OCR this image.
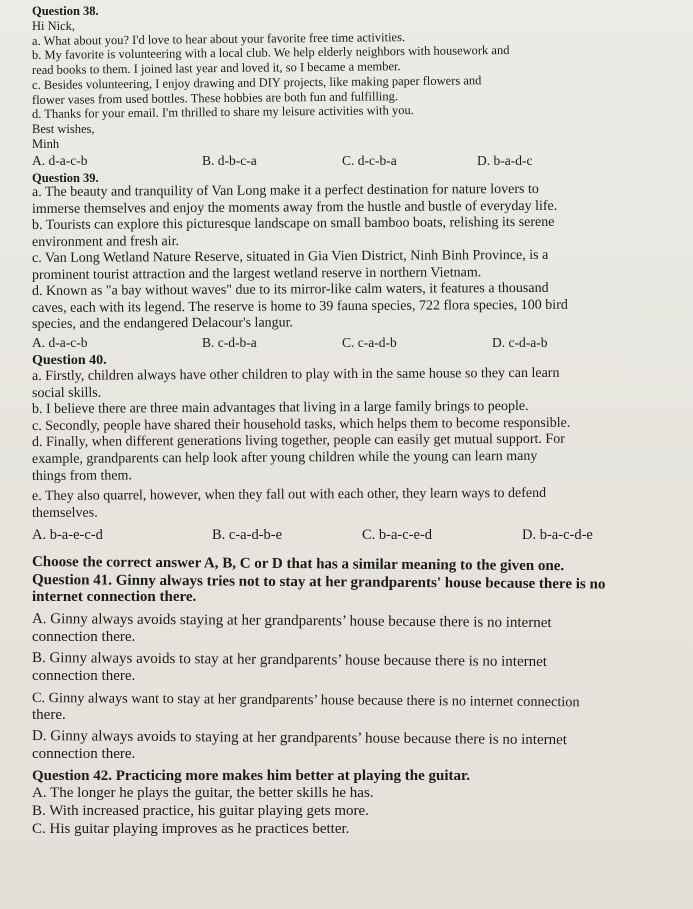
Question 38.

Hi Nick,

a. What about you? I'd love to hear about your favorite free time activities.

b. My favorite is volunteering with a local club. We help elderly neighbors with housework and

read books to them. I joined last year and loved it, so I became a member.

c. Besides volunteering, I enjoy drawing and DIY projects, like making paper flowers and

flower vases from used bottles. These hobbies are both fun and fulfilling.

d. Thanks for your email. I'm thrilled to share my leisure activities with you.

Best wishes,

Minh

A. d-a-c-b	B. d-b-c-a	C. d-c-b-a	D. b-a-d-c

Question 39.

a. The beauty and tranquility of Van Long make it a perfect destination for nature lovers to

immerse themselves and enjoy the moments away from the hustle and bustle of everyday life.

b. Tourists can explore this picturesque landscape on small bamboo boats, relishing its serene

environment and fresh air.

c. Van Long Wetland Nature Reserve, situated in Gia Vien District, Ninh Binh Province, is a

prominent tourist attraction and the largest wetland reserve in northern Vietnam.

d. Known as "a bay without waves" due to its mirror-like calm waters, it features a thousand

caves, each with its legend. The reserve is home to 39 fauna species, 722 flora species, 100 bird

species, and the endangered Delacour's langur.

A. d-a-c-b	B. c-d-b-a	C. c-a-d-b	D. c-d-a-b

Question 40.

a. Firstly, children always have other children to play with in the same house so they can learn

social skills.

b. I believe there are three main advantages that living in a large family brings to people.

c. Secondly, people have shared their household tasks, which helps them to become responsible.

d. Finally, when different generations living together, people can easily get mutual support. For

example, grandparents can help look after young children while the young can learn many

things from them.

e. They also quarrel, however, when they fall out with each other, they learn ways to defend

themselves.

A. b-a-e-c-d	B. c-a-d-b-e	C. b-a-c-e-d	D. b-a-c-d-e

Choose the correct answer A, B, C or D that has a similar meaning to the given one.

Question 41. Ginny always tries not to stay at her grandparents' house because there is no

internet connection there.

A. Ginny always avoids staying at her grandparents’ house because there is no internet

connection there.

B. Ginny always avoids to stay at her grandparents’ house because there is no internet

connection there.

C. Ginny always want to stay at her grandparents’ house because there is no internet connection

there.

D. Ginny always avoids to staying at her grandparents’ house because there is no internet

connection there.

Question 42. Practicing more makes him better at playing the guitar.

A. The longer he plays the guitar, the better skills he has.

B. With increased practice, his guitar playing gets more.

C. His guitar playing improves as he practices better.
